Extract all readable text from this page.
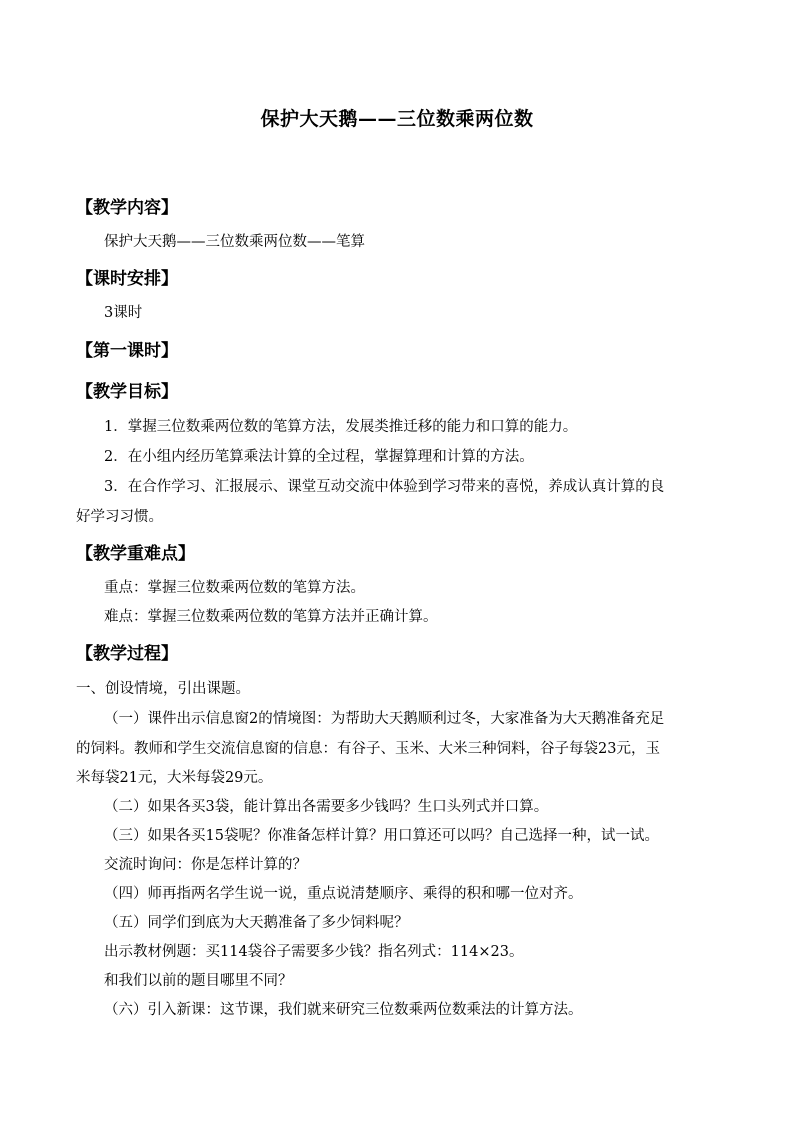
保护大天鹅——三位数乘两位数
【教学内容】
保护大天鹅——三位数乘两位数——笔算
【课时安排】
3课时
【第一课时】
【教学目标】
1．掌握三位数乘两位数的笔算方法，发展类推迁移的能力和口算的能力。
2．在小组内经历笔算乘法计算的全过程，掌握算理和计算的方法。
3．在合作学习、汇报展示、课堂互动交流中体验到学习带来的喜悦，养成认真计算的良
好学习习惯。
【教学重难点】
重点：掌握三位数乘两位数的笔算方法。
难点：掌握三位数乘两位数的笔算方法并正确计算。
【教学过程】
一、创设情境，引出课题。
（一）课件出示信息窗2的情境图：为帮助大天鹅顺利过冬，大家准备为大天鹅准备充足
的饲料。教师和学生交流信息窗的信息：有谷子、玉米、大米三种饲料，谷子每袋23元，玉
米每袋21元，大米每袋29元。
（二）如果各买3袋，能计算出各需要多少钱吗？生口头列式并口算。
（三）如果各买15袋呢？你准备怎样计算？用口算还可以吗？自己选择一种，试一试。
交流时询问：你是怎样计算的？
（四）师再指两名学生说一说，重点说清楚顺序、乘得的积和哪一位对齐。
（五）同学们到底为大天鹅准备了多少饲料呢？
出示教材例题：买114袋谷子需要多少钱？指名列式：114×23。
和我们以前的题目哪里不同？
（六）引入新课：这节课，我们就来研究三位数乘两位数乘法的计算方法。
